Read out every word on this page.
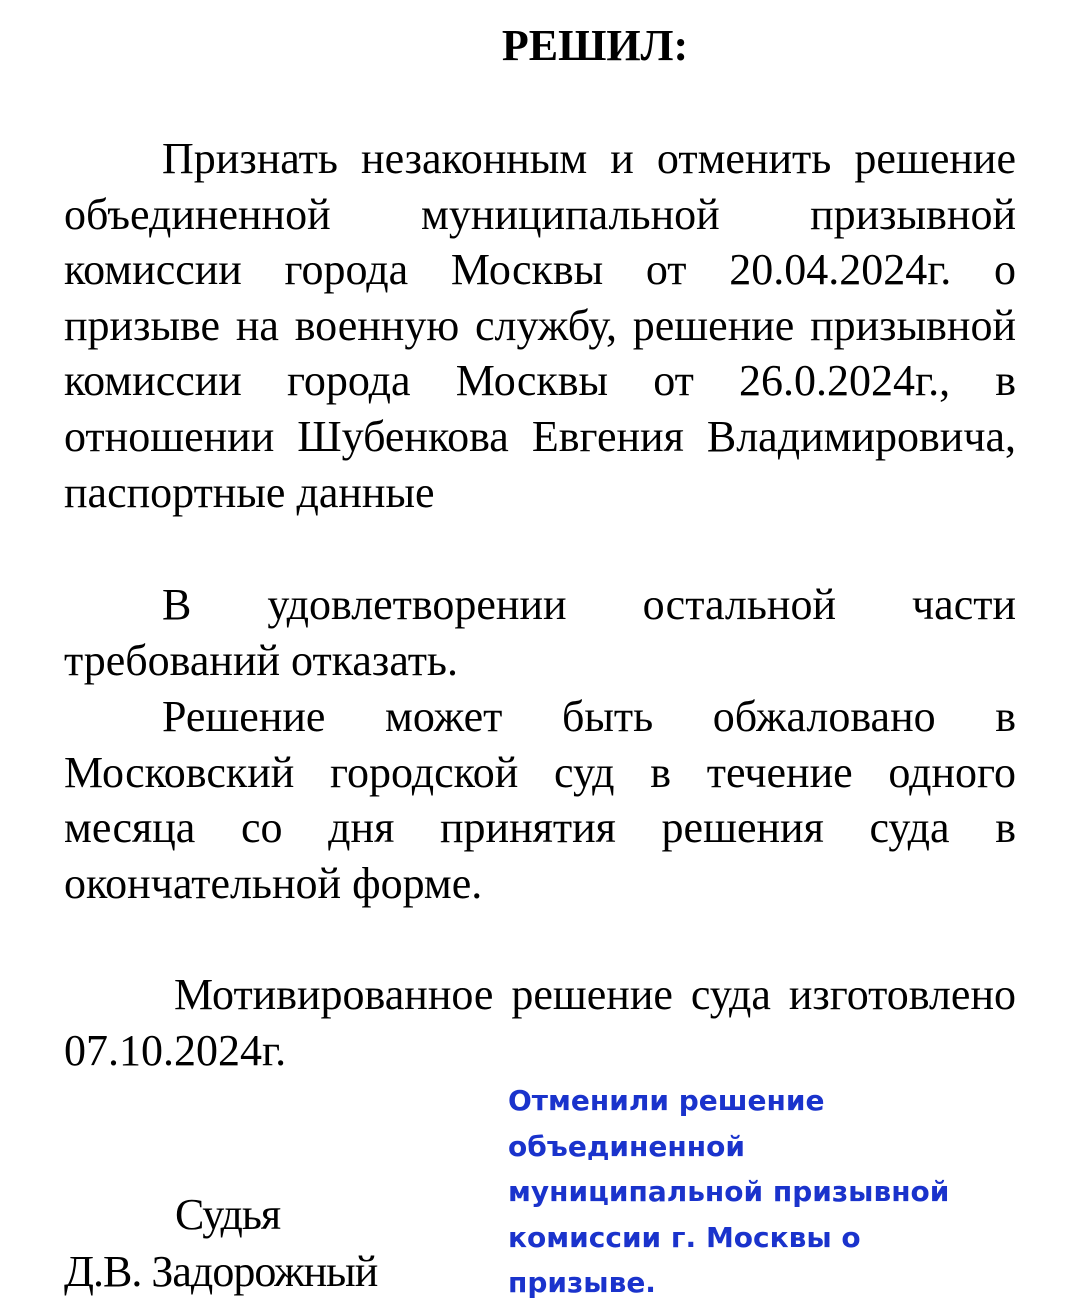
РЕШИЛ:

Признать незаконным и отменить решение объединенной муниципальной призывной комиссии города Москвы от 20.04.2024г. о призыве на военную службу, решение призывной комиссии города Москвы от 26.0.2024г., в отношении Шубенкова Евгения Владимировича, паспортные данные

В удовлетворении остальной части требований отказать.

Решение может быть обжаловано в Московский городской суд в течение одного месяца со дня принятия решения суда в окончательной форме.

Мотивированное решение суда изготовлено 07.10.2024г.

Судья

Д.В. Задорожный

Отменили решение объединенной муниципальной призывной комиссии г. Москвы о призыве.
